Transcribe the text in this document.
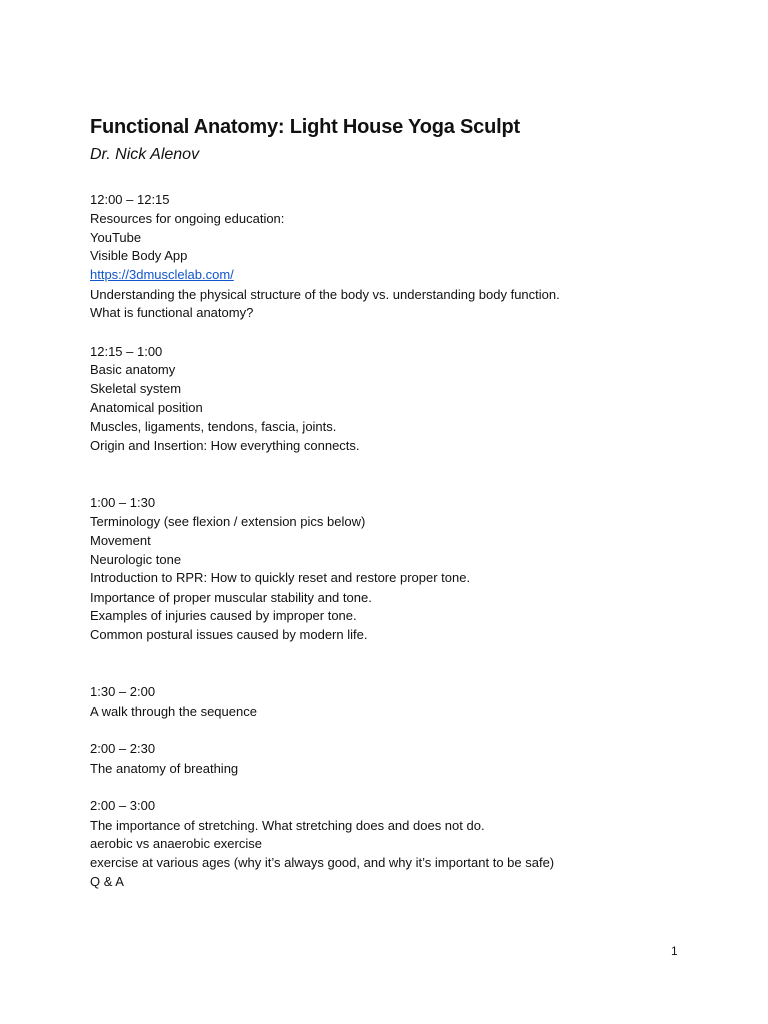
Functional Anatomy: Light House Yoga Sculpt
Dr. Nick Alenov
12:00 – 12:15
Resources for ongoing education:
YouTube
Visible Body App
https://3dmusclelab.com/
Understanding the physical structure of the body vs. understanding body function.
What is functional anatomy?
12:15 – 1:00
Basic anatomy
Skeletal system
Anatomical position
Muscles, ligaments, tendons, fascia, joints.
Origin and Insertion: How everything connects.
1:00 – 1:30
Terminology (see flexion / extension pics below)
Movement
Neurologic tone
Introduction to RPR: How to quickly reset and restore proper tone.
Importance of proper muscular stability and tone.
Examples of injuries caused by improper tone.
Common postural issues caused by modern life.
1:30 – 2:00
A walk through the sequence
2:00 – 2:30
The anatomy of breathing
2:00 – 3:00
The importance of stretching. What stretching does and does not do.
aerobic vs anaerobic exercise
exercise at various ages (why it’s always good, and why it’s important to be safe)
Q & A
1
